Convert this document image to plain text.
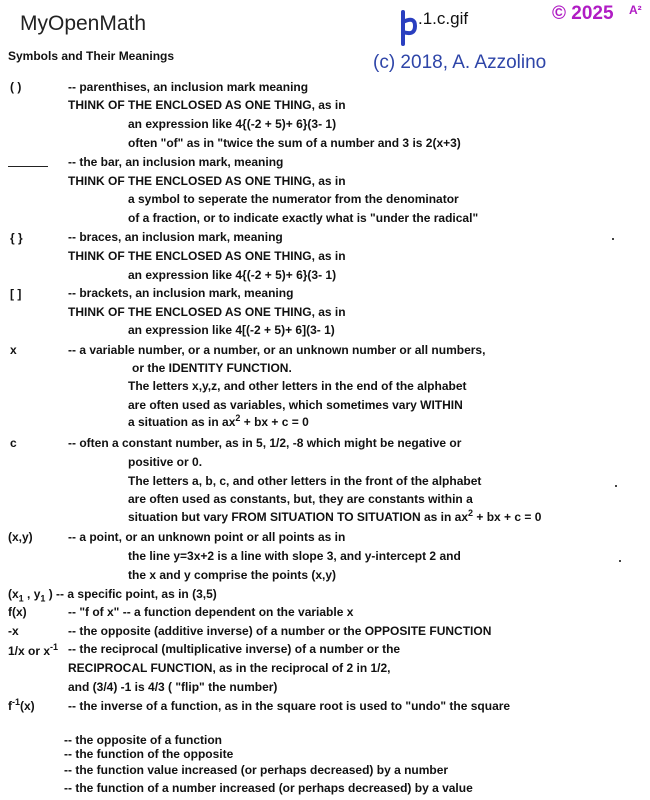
MyOpenMath
Symbols and Their Meanings
.1.c.gif	© 2025 A²
(c) 2018, A. Azzolino
( )	-- parenthises, an inclusion mark meaning
THINK OF THE ENCLOSED AS ONE THING, as in
an expression like 4{(-2 + 5)+ 6}(3- 1)
often "of" as in "twice the sum of a number and 3 is 2(x+3)
-- the bar, an inclusion mark, meaning
THINK OF THE ENCLOSED AS ONE THING, as in
a symbol to seperate the numerator from the denominator
of a fraction, or to indicate exactly what is "under the radical"
{ }	-- braces, an inclusion mark, meaning
THINK OF THE ENCLOSED AS ONE THING, as in
an expression like 4{(-2 + 5)+ 6}(3- 1)
[ ]	-- brackets, an inclusion mark, meaning
THINK OF THE ENCLOSED AS ONE THING, as in
an expression like 4[(-2 + 5)+ 6](3- 1)
x	-- a variable number, or a number, or an unknown number or all numbers,
or the IDENTITY FUNCTION.
The letters x,y,z, and other letters in the end of the alphabet
are often used as variables, which sometimes vary WITHIN
a situation as in $ax^2$ + bx + c = 0
c	-- often a constant number, as in 5, 1/2, -8 which might be negative or
positive or 0.
The letters a, b, c, and other letters in the front of the alphabet
are often used as constants, but, they are constants within a
situation but vary FROM SITUATION TO SITUATION as in $ax^2$ + bx + c = 0
(x,y)	-- a point, or an unknown point or all points as in
the line y=3x+2 is a line with slope 3, and y-intercept 2 and
the x and y comprise the points (x,y)
($x_1$ , $y_1$ ) -- a specific point, as in (3,5)
f(x)	-- "f of x" -- a function dependent on the variable x
-x	-- the opposite (additive inverse) of a number or the OPPOSITE FUNCTION
1/x or $x^{-1}$ -- the reciprocal (multiplicative inverse) of a number or the
RECIPROCAL FUNCTION, as in the reciprocal of 2 in 1/2,
and (3/4) -1 is 4/3 ( "flip" the number)
$f^{-1}(x)$	-- the inverse of a function, as in the square root is used to "undo" the square
-- the opposite of a function
-- the function of the opposite
-- the function value increased (or perhaps decreased) by a number
-- the function of a number increased (or perhaps decreased) by a value
